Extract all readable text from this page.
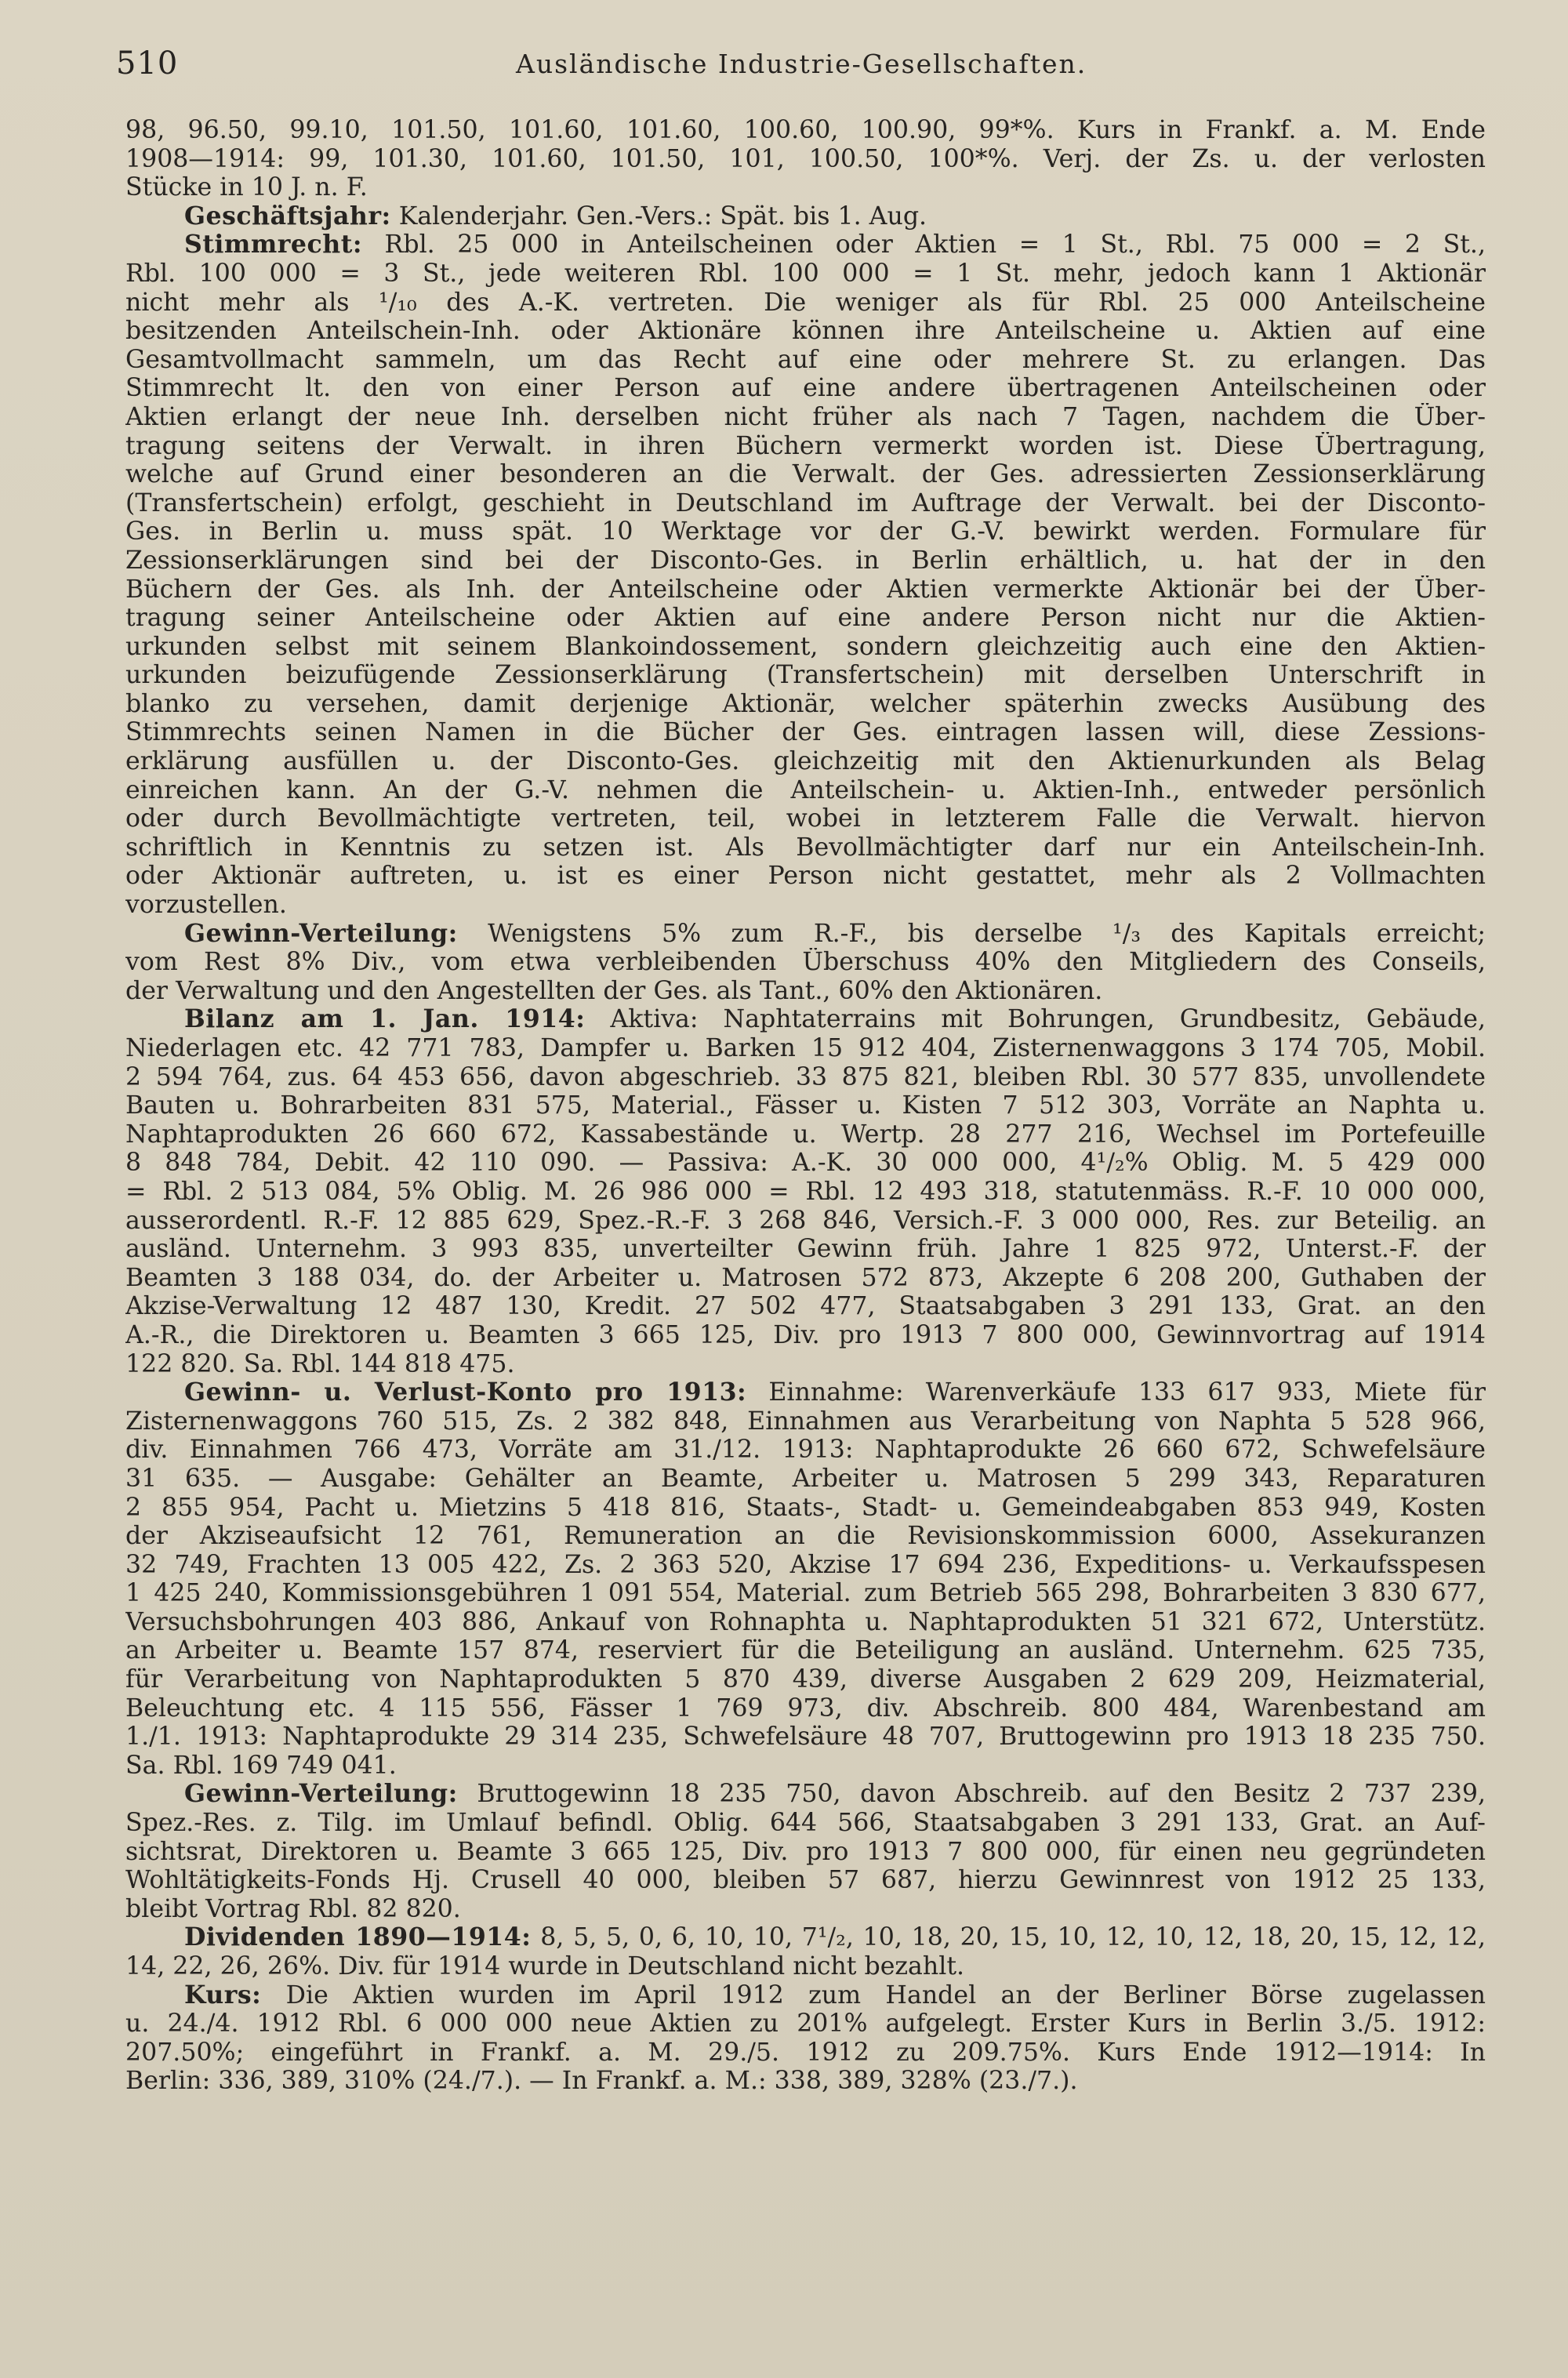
510	Ausländische Industrie-Gesellschaften.
98, 96.50, 99.10, 101.50, 101.60, 101.60, 100.60, 100.90, 99*%. Kurs in Frankf. a. M. Ende
1908—1914: 99, 101.30, 101.60, 101.50, 101, 100.50, 100*%. Verj. der Zs. u. der verlosten
Stücke in 10 J. n. F.
Geschäftsjahr: Kalenderjahr. Gen.-Vers.: Spät. bis 1. Aug.
Stimmrecht: Rbl. 25 000 in Anteilscheinen oder Aktien = 1 St., Rbl. 75 000 = 2 St.,
Rbl. 100 000 = 3 St., jede weiteren Rbl. 100 000 = 1 St. mehr, jedoch kann 1 Aktionär
nicht mehr als ¹/₁₀ des A.-K. vertreten. Die weniger als für Rbl. 25 000 Anteilscheine
besitzenden Anteilschein-Inh. oder Aktionäre können ihre Anteilscheine u. Aktien auf eine
Gesamtvollmacht sammeln, um das Recht auf eine oder mehrere St. zu erlangen. Das
Stimmrecht lt. den von einer Person auf eine andere übertragenen Anteilscheinen oder
Aktien erlangt der neue Inh. derselben nicht früher als nach 7 Tagen, nachdem die Über-
tragung seitens der Verwalt. in ihren Büchern vermerkt worden ist. Diese Übertragung,
welche auf Grund einer besonderen an die Verwalt. der Ges. adressierten Zessionserklärung
(Transfertschein) erfolgt, geschieht in Deutschland im Auftrage der Verwalt. bei der Disconto-
Ges. in Berlin u. muss spät. 10 Werktage vor der G.-V. bewirkt werden. Formulare für
Zessionserklärungen sind bei der Disconto-Ges. in Berlin erhältlich, u. hat der in den
Büchern der Ges. als Inh. der Anteilscheine oder Aktien vermerkte Aktionär bei der Über-
tragung seiner Anteilscheine oder Aktien auf eine andere Person nicht nur die Aktien-
urkunden selbst mit seinem Blankoindossement, sondern gleichzeitig auch eine den Aktien-
urkunden beizufügende Zessionserklärung (Transfertschein) mit derselben Unterschrift in
blanko zu versehen, damit derjenige Aktionär, welcher späterhin zwecks Ausübung des
Stimmrechts seinen Namen in die Bücher der Ges. eintragen lassen will, diese Zessions-
erklärung ausfüllen u. der Disconto-Ges. gleichzeitig mit den Aktienurkunden als Belag
einreichen kann. An der G.-V. nehmen die Anteilschein- u. Aktien-Inh., entweder persönlich
oder durch Bevollmächtigte vertreten, teil, wobei in letzterem Falle die Verwalt. hiervon
schriftlich in Kenntnis zu setzen ist. Als Bevollmächtigter darf nur ein Anteilschein-Inh.
oder Aktionär auftreten, u. ist es einer Person nicht gestattet, mehr als 2 Vollmachten
vorzustellen.
Gewinn-Verteilung: Wenigstens 5% zum R.-F., bis derselbe ¹/₃ des Kapitals erreicht;
vom Rest 8% Div., vom etwa verbleibenden Überschuss 40% den Mitgliedern des Conseils,
der Verwaltung und den Angestellten der Ges. als Tant., 60% den Aktionären.
Bilanz am 1. Jan. 1914: Aktiva: Naphtaterrains mit Bohrungen, Grundbesitz, Gebäude,
Niederlagen etc. 42 771 783, Dampfer u. Barken 15 912 404, Zisternenwaggons 3 174 705, Mobil.
2 594 764, zus. 64 453 656, davon abgeschrieb. 33 875 821, bleiben Rbl. 30 577 835, unvollendete
Bauten u. Bohrarbeiten 831 575, Material., Fässer u. Kisten 7 512 303, Vorräte an Naphta u.
Naphtaprodukten 26 660 672, Kassabestände u. Wertp. 28 277 216, Wechsel im Portefeuille
8 848 784, Debit. 42 110 090. — Passiva: A.-K. 30 000 000, 4¹/₂% Oblig. M. 5 429 000
= Rbl. 2 513 084, 5% Oblig. M. 26 986 000 = Rbl. 12 493 318, statutenmäss. R.-F. 10 000 000,
ausserordentl. R.-F. 12 885 629, Spez.-R.-F. 3 268 846, Versich.-F. 3 000 000, Res. zur Beteilig. an
ausländ. Unternehm. 3 993 835, unverteilter Gewinn früh. Jahre 1 825 972, Unterst.-F. der
Beamten 3 188 034, do. der Arbeiter u. Matrosen 572 873, Akzepte 6 208 200, Guthaben der
Akzise-Verwaltung 12 487 130, Kredit. 27 502 477, Staatsabgaben 3 291 133, Grat. an den
A.-R., die Direktoren u. Beamten 3 665 125, Div. pro 1913 7 800 000, Gewinnvortrag auf 1914
122 820. Sa. Rbl. 144 818 475.
Gewinn- u. Verlust-Konto pro 1913: Einnahme: Warenverkäufe 133 617 933, Miete für
Zisternenwaggons 760 515, Zs. 2 382 848, Einnahmen aus Verarbeitung von Naphta 5 528 966,
div. Einnahmen 766 473, Vorräte am 31./12. 1913: Naphtaprodukte 26 660 672, Schwefelsäure
31 635. — Ausgabe: Gehälter an Beamte, Arbeiter u. Matrosen 5 299 343, Reparaturen
2 855 954, Pacht u. Mietzins 5 418 816, Staats-, Stadt- u. Gemeindeabgaben 853 949, Kosten
der Akziseaufsicht 12 761, Remuneration an die Revisionskommission 6000, Assekuranzen
32 749, Frachten 13 005 422, Zs. 2 363 520, Akzise 17 694 236, Expeditions- u. Verkaufsspesen
1 425 240, Kommissionsgebühren 1 091 554, Material. zum Betrieb 565 298, Bohrarbeiten 3 830 677,
Versuchsbohrungen 403 886, Ankauf von Rohnaphta u. Naphtaprodukten 51 321 672, Unterstütz.
an Arbeiter u. Beamte 157 874, reserviert für die Beteiligung an ausländ. Unternehm. 625 735,
für Verarbeitung von Naphtaprodukten 5 870 439, diverse Ausgaben 2 629 209, Heizmaterial,
Beleuchtung etc. 4 115 556, Fässer 1 769 973, div. Abschreib. 800 484, Warenbestand am
1./1. 1913: Naphtaprodukte 29 314 235, Schwefelsäure 48 707, Bruttogewinn pro 1913 18 235 750.
Sa. Rbl. 169 749 041.
Gewinn-Verteilung: Bruttogewinn 18 235 750, davon Abschreib. auf den Besitz 2 737 239,
Spez.-Res. z. Tilg. im Umlauf befindl. Oblig. 644 566, Staatsabgaben 3 291 133, Grat. an Auf-
sichtsrat, Direktoren u. Beamte 3 665 125, Div. pro 1913 7 800 000, für einen neu gegründeten
Wohltätigkeits-Fonds Hj. Crusell 40 000, bleiben 57 687, hierzu Gewinnrest von 1912 25 133,
bleibt Vortrag Rbl. 82 820.
Dividenden 1890—1914: 8, 5, 5, 0, 6, 10, 10, 7¹/₂, 10, 18, 20, 15, 10, 12, 10, 12, 18, 20, 15, 12, 12,
14, 22, 26, 26%. Div. für 1914 wurde in Deutschland nicht bezahlt.
Kurs: Die Aktien wurden im April 1912 zum Handel an der Berliner Börse zugelassen
u. 24./4. 1912 Rbl. 6 000 000 neue Aktien zu 201% aufgelegt. Erster Kurs in Berlin 3./5. 1912:
207.50%; eingeführt in Frankf. a. M. 29./5. 1912 zu 209.75%. Kurs Ende 1912—1914: In
Berlin: 336, 389, 310% (24./7.). — In Frankf. a. M.: 338, 389, 328% (23./7.).
